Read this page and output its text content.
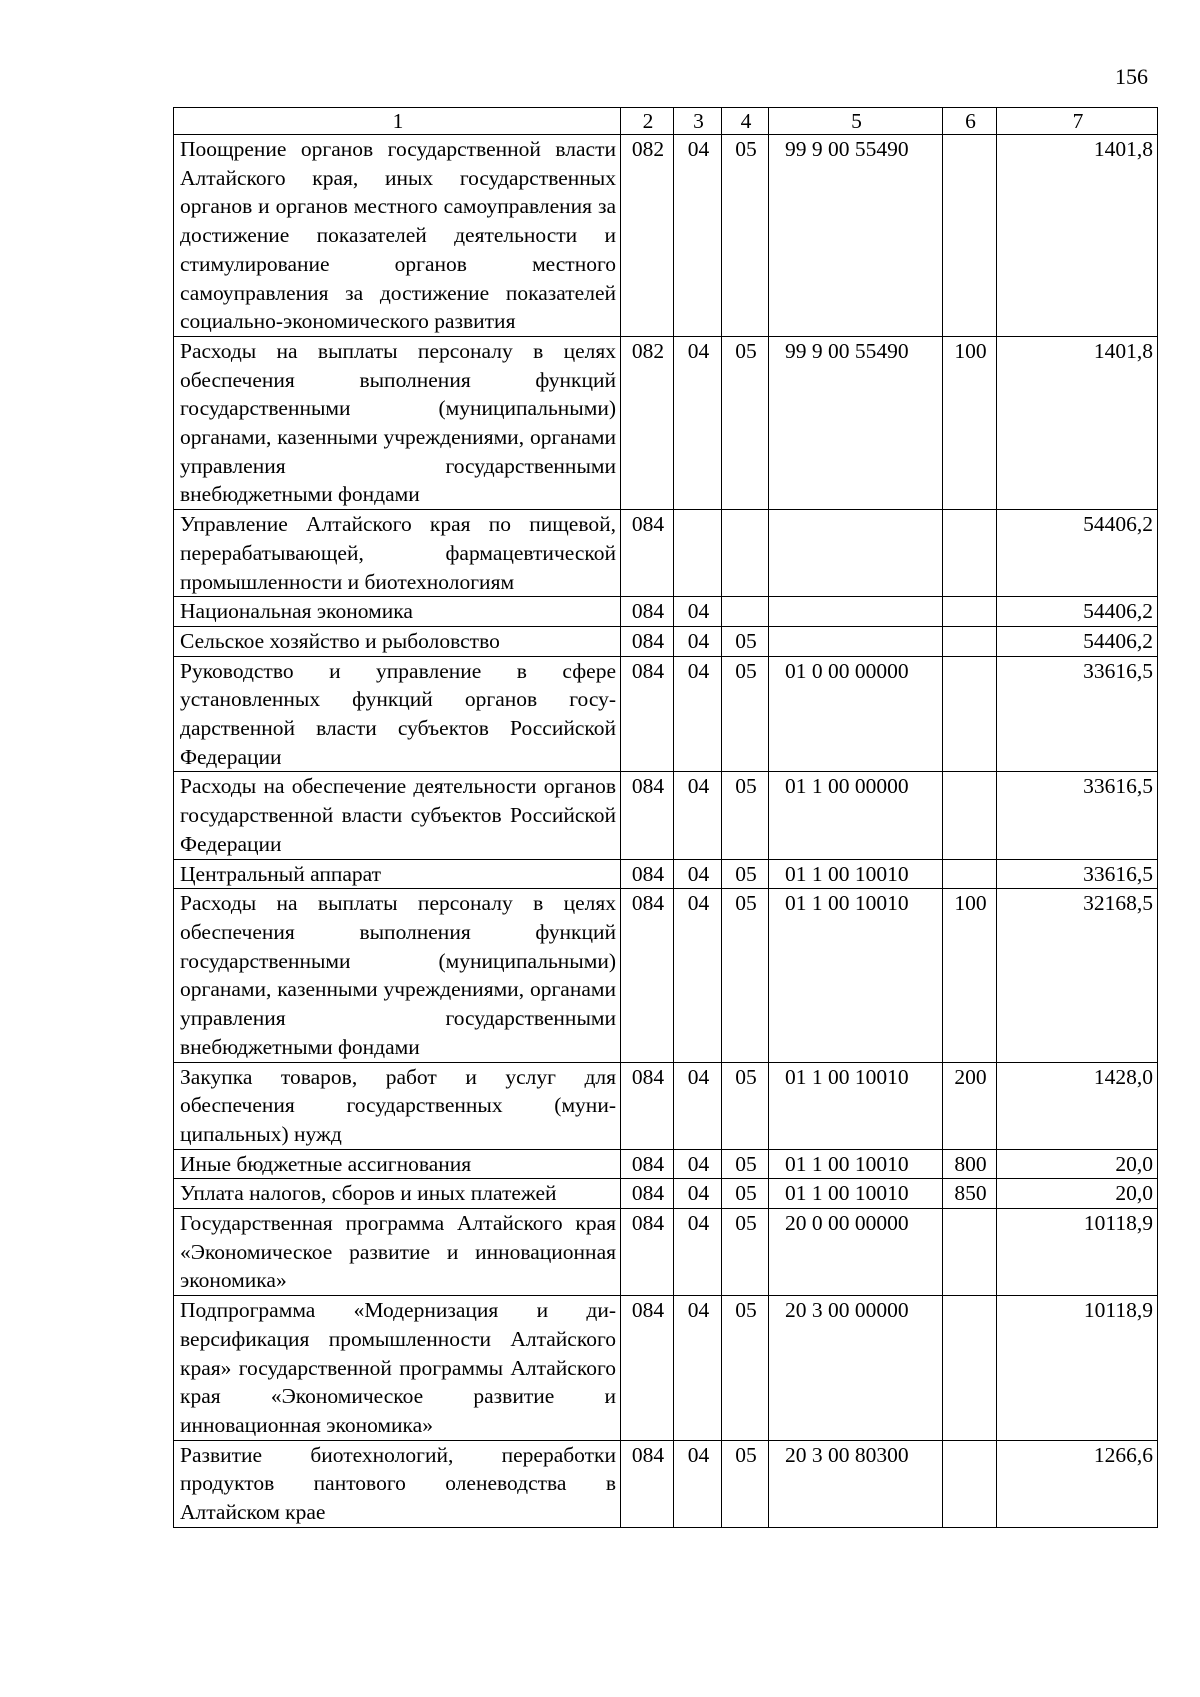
156
1	2	3	4	5	6	7
Поощрение органов государственной власти Алтайского края, иных государственных органов и органов местного самоуправления за достижение показателей деятельности и стимулирование органов местного самоуправления за достижение показателей социально-экономического развития	082	04	05	99 9 00 55490		1401,8
Расходы на выплаты персоналу в целях обеспечения выполнения функций государственными (муниципальными) органами, казенными учреждениями, органами управления государственными внебюджетными фондами	082	04	05	99 9 00 55490	100	1401,8
Управление Алтайского края по пищевой, перерабатывающей, фармацевтической промышленности и биотехнологиям	084					54406,2
Национальная экономика	084	04				54406,2
Сельское хозяйство и рыболовство	084	04	05			54406,2
Руководство и управление в сфере установленных функций органов государственной власти субъектов Российской Федерации	084	04	05	01 0 00 00000		33616,5
Расходы на обеспечение деятельности органов государственной власти субъектов Российской Федерации	084	04	05	01 1 00 00000		33616,5
Центральный аппарат	084	04	05	01 1 00 10010		33616,5
Расходы на выплаты персоналу в целях обеспечения выполнения функций государственными (муниципальными) органами, казенными учреждениями, органами управления государственными внебюджетными фондами	084	04	05	01 1 00 10010	100	32168,5
Закупка товаров, работ и услуг для обеспечения государственных (муниципальных) нужд	084	04	05	01 1 00 10010	200	1428,0
Иные бюджетные ассигнования	084	04	05	01 1 00 10010	800	20,0
Уплата налогов, сборов и иных платежей	084	04	05	01 1 00 10010	850	20,0
Государственная программа Алтайского края «Экономическое развитие и инновационная экономика»	084	04	05	20 0 00 00000		10118,9
Подпрограмма «Модернизация и диверсификация промышленности Алтайского края» государственной программы Алтайского края «Экономическое развитие и инновационная экономика»	084	04	05	20 3 00 00000		10118,9
Развитие биотехнологий, переработки продуктов пантового оленеводства в Алтайском крае	084	04	05	20 3 00 80300		1266,6
